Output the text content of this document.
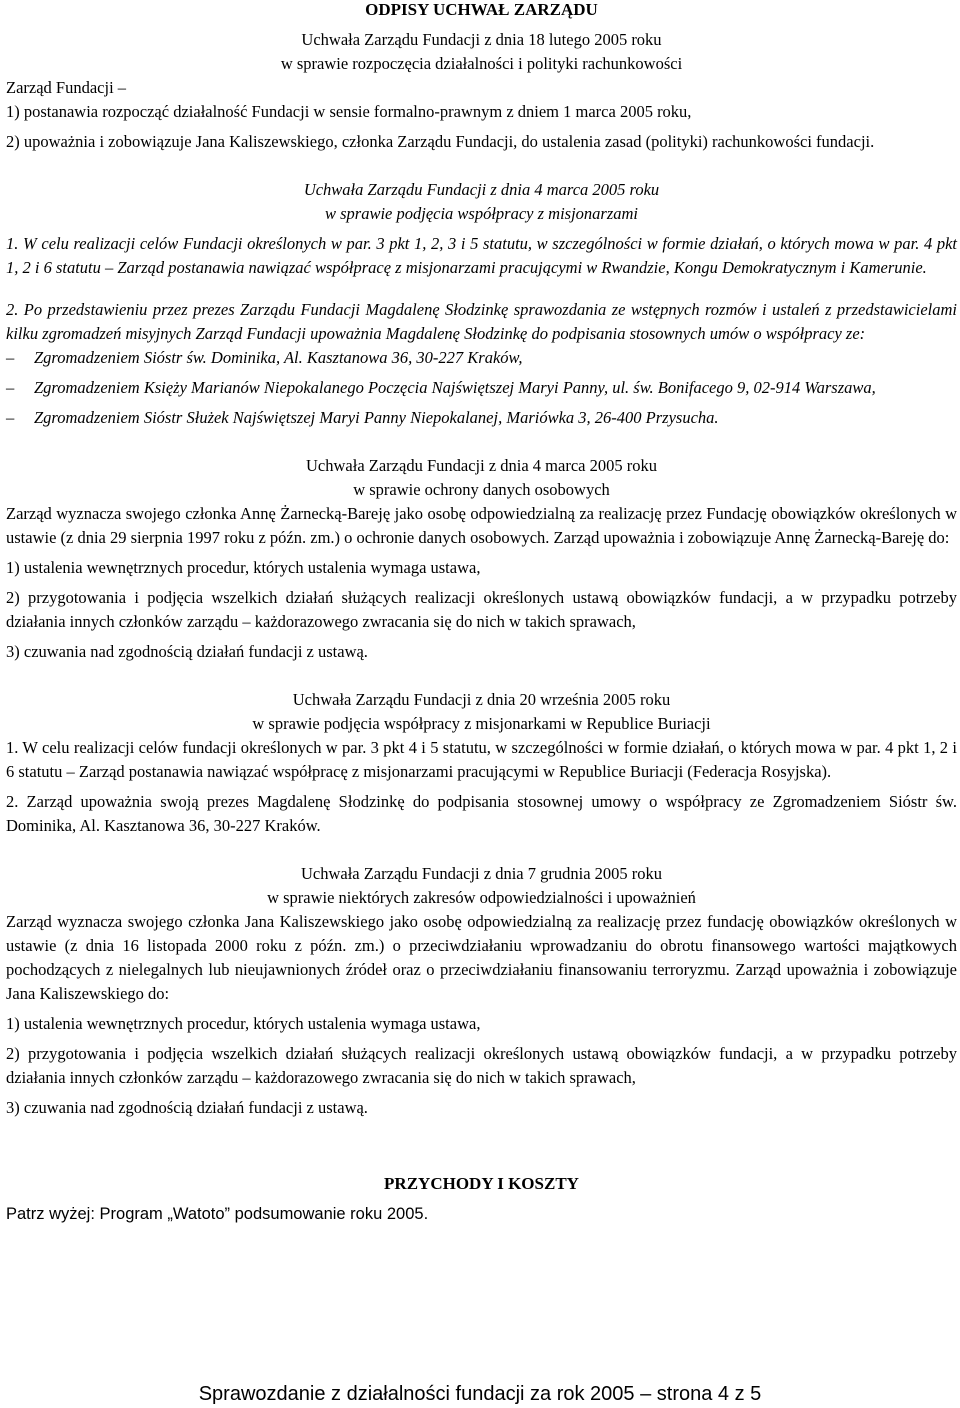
ODPISY UCHWAŁ ZARZĄDU
Uchwała Zarządu Fundacji z dnia 18 lutego 2005 roku
w sprawie rozpoczęcia działalności i polityki rachunkowości
Zarząd Fundacji –
1) postanawia rozpocząć działalność Fundacji w sensie formalno-prawnym z dniem 1 marca 2005 roku,
2) upoważnia i zobowiązuje Jana Kaliszewskiego, członka Zarządu Fundacji, do ustalenia zasad (polityki) rachunkowości fundacji.
Uchwała Zarządu Fundacji z dnia 4 marca 2005 roku
w sprawie podjęcia współpracy z misjonarzami
1. W celu realizacji celów Fundacji określonych w par. 3 pkt 1, 2, 3 i 5 statutu, w szczególności w formie działań, o których mowa w par. 4 pkt 1, 2 i 6 statutu – Zarząd postanawia nawiązać współpracę z misjonarzami pracującymi w Rwandzie, Kongu Demokratycznym i Kamerunie.
2. Po przedstawieniu przez prezes Zarządu Fundacji Magdalenę Słodzinkę sprawozdania ze wstępnych rozmów i ustaleń z przedstawicielami kilku zgromadzeń misyjnych Zarząd Fundacji upoważnia Magdalenę Słodzinkę do podpisania stosownych umów o współpracy ze:
– Zgromadzeniem Sióstr św. Dominika, Al. Kasztanowa 36, 30-227 Kraków,
– Zgromadzeniem Księży Marianów Niepokalanego Poczęcia Najświętszej Maryi Panny, ul. św. Bonifacego 9, 02-914 Warszawa,
– Zgromadzeniem Sióstr Służek Najświętszej Maryi Panny Niepokalanej, Mariówka 3, 26-400 Przysucha.
Uchwała Zarządu Fundacji z dnia 4 marca 2005 roku
w sprawie ochrony danych osobowych
Zarząd wyznacza swojego członka Annę Żarnecką-Bareję jako osobę odpowiedzialną za realizację przez Fundację obowiązków określonych w ustawie (z dnia 29 sierpnia 1997 roku z późn. zm.) o ochronie danych osobowych. Zarząd upoważnia i zobowiązuje Annę Żarnecką-Bareję do:
1) ustalenia wewnętrznych procedur, których ustalenia wymaga ustawa,
2) przygotowania i podjęcia wszelkich działań służących realizacji określonych ustawą obowiązków fundacji, a w przypadku potrzeby działania innych członków zarządu – każdorazowego zwracania się do nich w takich sprawach,
3) czuwania nad zgodnością działań fundacji z ustawą.
Uchwała Zarządu Fundacji z dnia 20 września 2005 roku
w sprawie podjęcia współpracy z misjonarkami w Republice Buriacji
1. W celu realizacji celów fundacji określonych w par. 3 pkt 4 i 5 statutu, w szczególności w formie działań, o których mowa w par. 4 pkt 1, 2 i 6 statutu – Zarząd postanawia nawiązać współpracę z misjonarzami pracującymi w Republice Buriacji (Federacja Rosyjska).
2. Zarząd upoważnia swoją prezes Magdalenę Słodzinkę do podpisania stosownej umowy o współpracy ze Zgromadzeniem Sióstr św. Dominika, Al. Kasztanowa 36, 30-227 Kraków.
Uchwała Zarządu Fundacji z dnia 7 grudnia 2005 roku
w sprawie niektórych zakresów odpowiedzialności i upoważnień
Zarząd wyznacza swojego członka Jana Kaliszewskiego jako osobę odpowiedzialną za realizację przez fundację obowiązków określonych w ustawie (z dnia 16 listopada 2000 roku z późn. zm.) o przeciwdziałaniu wprowadzaniu do obrotu finansowego wartości majątkowych pochodzących z nielegalnych lub nieujawnionych źródeł oraz o przeciwdziałaniu finansowaniu terroryzmu. Zarząd upoważnia i zobowiązuje Jana Kaliszewskiego do:
1) ustalenia wewnętrznych procedur, których ustalenia wymaga ustawa,
2) przygotowania i podjęcia wszelkich działań służących realizacji określonych ustawą obowiązków fundacji, a w przypadku potrzeby działania innych członków zarządu – każdorazowego zwracania się do nich w takich sprawach,
3) czuwania nad zgodnością działań fundacji z ustawą.
PRZYCHODY I KOSZTY
Patrz wyżej: Program „Watoto” podsumowanie roku 2005.
Sprawozdanie z działalności fundacji za rok 2005 – strona 4 z 5
